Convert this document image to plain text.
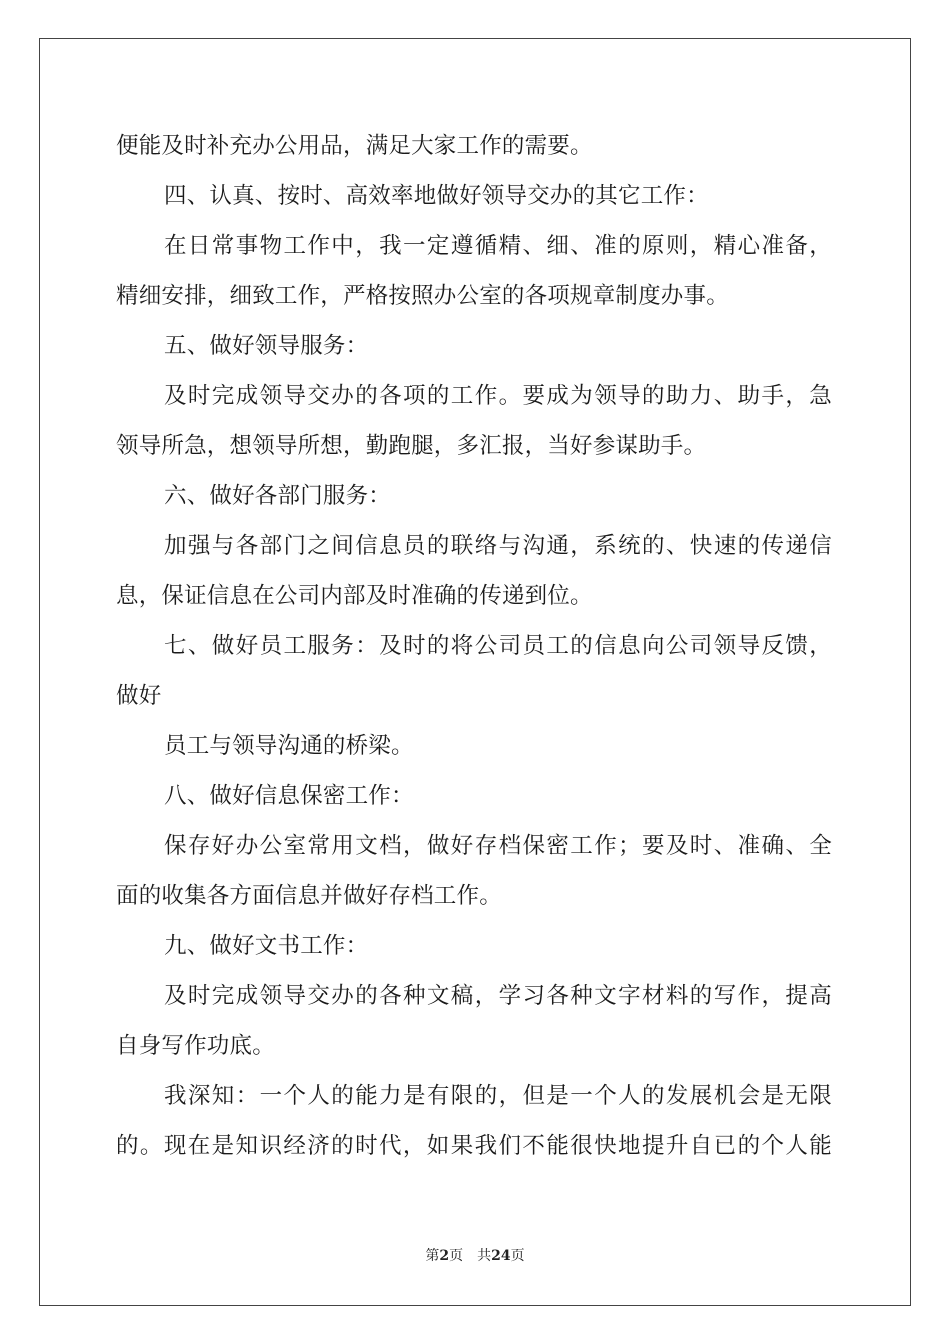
便能及时补充办公用品，满足大家工作的需要。
四、认真、按时、高效率地做好领导交办的其它工作：
在日常事物工作中，我一定遵循精、细、准的原则，精心准备，
精细安排，细致工作，严格按照办公室的各项规章制度办事。
五、做好领导服务：
及时完成领导交办的各项的工作。要成为领导的助力、助手，急
领导所急，想领导所想，勤跑腿，多汇报，当好参谋助手。
六、做好各部门服务：
加强与各部门之间信息员的联络与沟通，系统的、快速的传递信
息，保证信息在公司内部及时准确的传递到位。
七、做好员工服务：及时的将公司员工的信息向公司领导反馈，
做好
员工与领导沟通的桥梁。
八、做好信息保密工作：
保存好办公室常用文档，做好存档保密工作；要及时、准确、全
面的收集各方面信息并做好存档工作。
九、做好文书工作：
及时完成领导交办的各种文稿，学习各种文字材料的写作，提高
自身写作功底。
我深知：一个人的能力是有限的，但是一个人的发展机会是无限
的。现在是知识经济的时代，如果我们不能很快地提升自已的个人能
第2页 共24页
